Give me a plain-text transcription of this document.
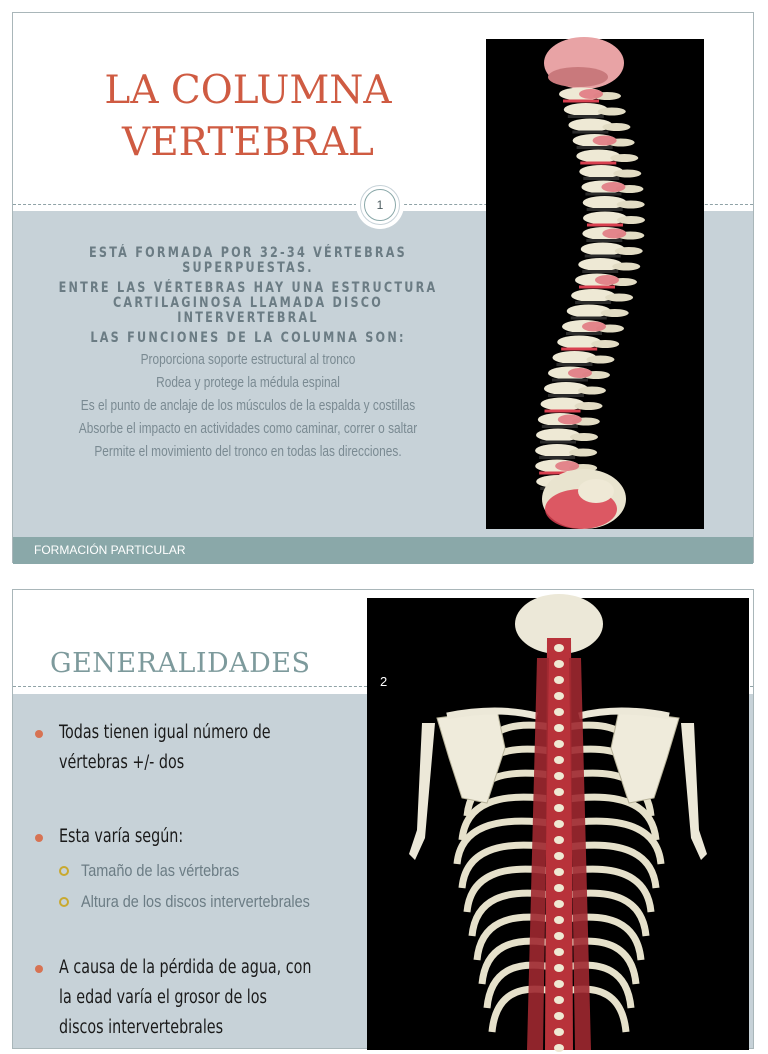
LA COLUMNA
VERTEBRAL
ESTÁ FORMADA POR 32-34 VÉRTEBRAS
SUPERPUESTAS.
ENTRE LAS VÉRTEBRAS HAY UNA ESTRUCTURA
CARTILAGINOSA LLAMADA DISCO INTERVERTEBRAL
LAS FUNCIONES DE LA COLUMNA SON:
Proporciona soporte estructural al tronco
Rodea y protege la médula espinal
Es el punto de anclaje de los músculos de la espalda y costillas
Absorbe el impacto en actividades como caminar, correr o saltar
Permite el movimiento del tronco en todas las direcciones.
1
FORMACIÓN PARTICULAR
GENERALIDADES
Todas tienen igual número de
vértebras +/- dos
Esta varía según:
Tamaño de las vértebras
Altura de los discos intervertebrales
A causa de la pérdida de agua, con
la edad varía el grosor de los
discos intervertebrales
2
